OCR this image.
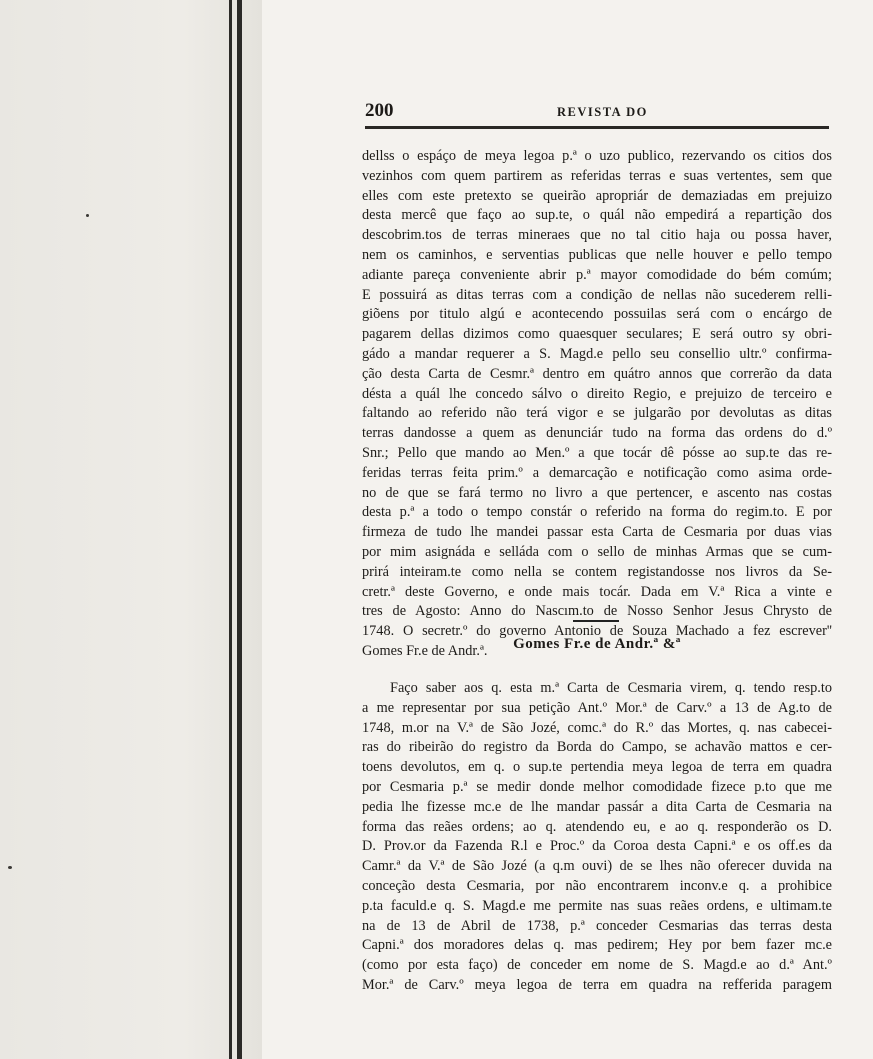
200	REVISTA DO
dellss o espáço de meya legoa p.ª o uzo publico, rezervando os citios dos
vezinhos com quem partirem as referidas terras e suas vertentes, sem que
elles com este pretexto se queirão apropriár de demaziadas em prejuizo
desta mercê que faço ao sup.te, o quál não empedirá a repartição dos
descobrim.tos de terras mineraes que no tal citio haja ou possa haver,
nem os caminhos, e serventias publicas que nelle houver e pello tempo
adiante pareça conveniente abrir p.ª mayor comodidade do bém comúm;
E possuirá as ditas terras com a condição de nellas não sucederem relli-
giõens por titulo algú e acontecendo possuilas será com o encárgo de
pagarem dellas dizimos como quaesquer seculares; E será outro sy obri-
gádo a mandar requerer a S. Magd.e pello seu consellio ultr.º confirma-
ção desta Carta de Cesmr.ª dentro em quátro annos que correrão da data
désta a quál lhe concedo sálvo o direito Regio, e prejuizo de terceiro e
faltando ao referido não terá vigor e se julgarão por devolutas as ditas
terras dandosse a quem as denunciár tudo na forma das ordens do d.º
Snr.; Pello que mando ao Men.º a que tocár dê pósse ao sup.te das re-
feridas terras feita prim.º a demarcação e notificação como asima orde-
no de que se fará termo no livro a que pertencer, e ascento nas costas
desta p.ª a todo o tempo constár o referido na forma do regim.to. E por
firmeza de tudo lhe mandei passar esta Carta de Cesmaria por duas vias
por mim asignáda e selláda com o sello de minhas Armas que se cum-
prirá inteiram.te como nella se contem registandosse nos livros da Se-
cretr.ª deste Governo, e onde mais tocár. Dada em V.ª Rica a vinte e
tres de Agosto: Anno do Nascım.to de Nosso Senhor Jesus Chrysto de
1748. O secretr.º do governo Antonio de Souza Machado a fez escrever''
Gomes Fr.e de Andr.ª.	Gomes Fr.e de Andr.ª &ª
Faço saber aos q. esta m.ª Carta de Cesmaria virem, q. tendo resp.to
a me representar por sua petição Ant.º Mor.ª de Carv.º a 13 de Ag.to de
1748, m.or na V.ª de São Jozé, comc.ª do R.º das Mortes, q. nas cabecei-
ras do ribeirão do registro da Borda do Campo, se achavão mattos e cer-
toens devolutos, em q. o sup.te pertendia meya legoa de terra em quadra
por Cesmaria p.ª se medir donde melhor comodidade fizece p.to que me
pedia lhe fizesse mc.e de lhe mandar passár a dita Carta de Cesmaria na
forma das reães ordens; ao q. atendendo eu, e ao q. responderão os D.
D. Prov.or da Fazenda R.l e Proc.º da Coroa desta Capni.ª e os off.es da
Camr.ª da V.ª de São Jozé (a q.m ouvi) de se lhes não oferecer duvida na
conceção desta Cesmaria, por não encontrarem inconv.e q. a prohibice
p.ta faculd.e q. S. Magd.e me permite nas suas reães ordens, e ultimam.te
na de 13 de Abril de 1738, p.ª conceder Cesmarias das terras desta
Capni.ª dos moradores delas q. mas pedirem; Hey por bem fazer mc.e
(como por esta faço) de conceder em nome de S. Magd.e ao d.ª Ant.º
Mor.ª de Carv.º meya legoa de terra em quadra na refferida paragem
